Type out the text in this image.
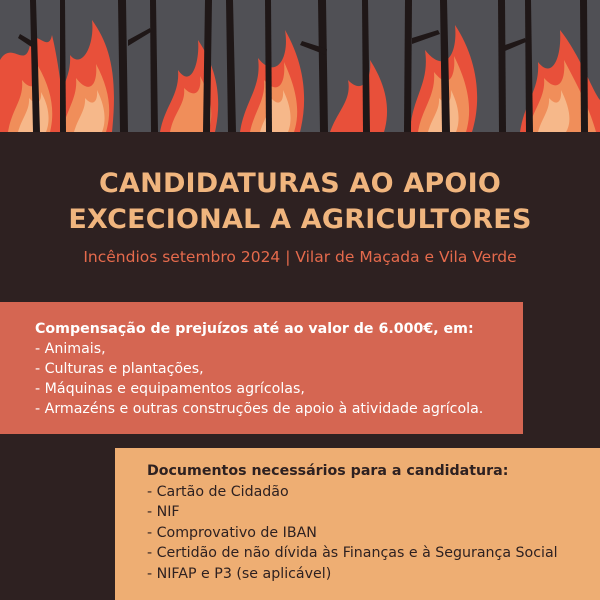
CANDIDATURAS AO APOIO
EXCECIONAL A AGRICULTORES
Incêndios setembro 2024 | Vilar de Maçada e Vila Verde
Compensação de prejuízos até ao valor de 6.000€, em:
- Animais,
- Culturas e plantações,
- Máquinas e equipamentos agrícolas,
- Armazéns e outras construções de apoio à atividade agrícola.
Documentos necessários para a candidatura:
- Cartão de Cidadão
- NIF
- Comprovativo de IBAN
- Certidão de não dívida às Finanças e à Segurança Social
- NIFAP e P3 (se aplicável)
